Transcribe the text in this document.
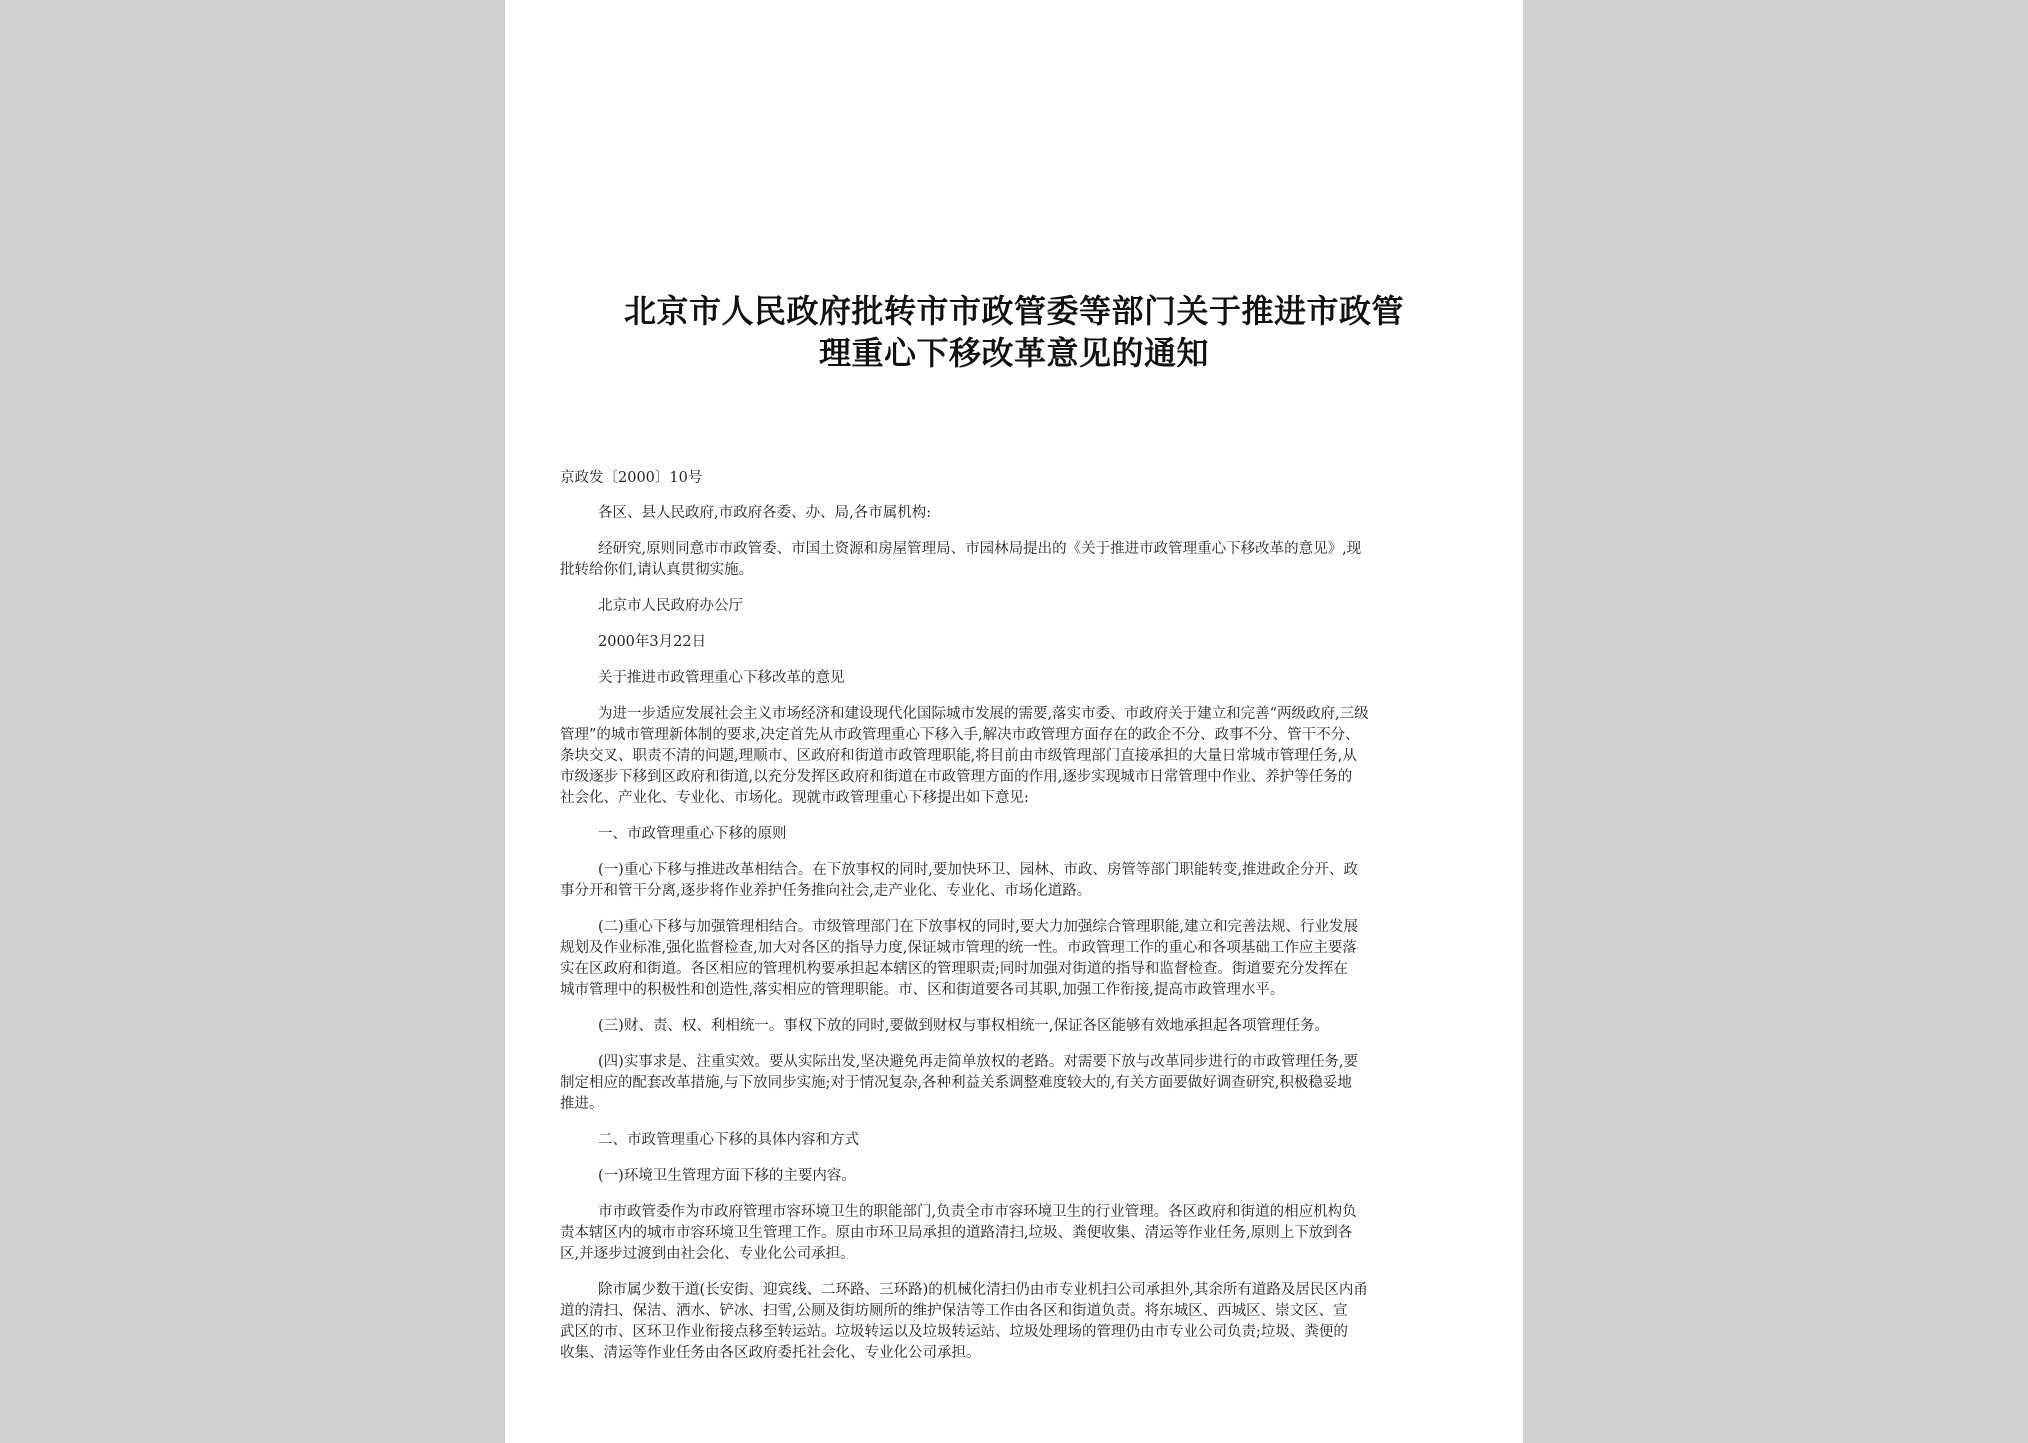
北京市人民政府批转市市政管委等部门关于推进市政管
理重心下移改革意见的通知
京政发〔2000〕10号
各区、县人民政府,市政府各委、办、局,各市属机构:
经研究,原则同意市市政管委、市国土资源和房屋管理局、市园林局提出的《关于推进市政管理重心下移改革的意见》,现
批转给你们,请认真贯彻实施。
北京市人民政府办公厅
2000年3月22日
关于推进市政管理重心下移改革的意见
为进一步适应发展社会主义市场经济和建设现代化国际城市发展的需要,落实市委、市政府关于建立和完善“两级政府,三级
管理”的城市管理新体制的要求,决定首先从市政管理重心下移入手,解决市政管理方面存在的政企不分、政事不分、管干不分、
条块交叉、职责不清的问题,理顺市、区政府和街道市政管理职能,将目前由市级管理部门直接承担的大量日常城市管理任务,从
市级逐步下移到区政府和街道,以充分发挥区政府和街道在市政管理方面的作用,逐步实现城市日常管理中作业、养护等任务的
社会化、产业化、专业化、市场化。现就市政管理重心下移提出如下意见:
一、市政管理重心下移的原则
(一)重心下移与推进改革相结合。在下放事权的同时,要加快环卫、园林、市政、房管等部门职能转变,推进政企分开、政
事分开和管干分离,逐步将作业养护任务推向社会,走产业化、专业化、市场化道路。
(二)重心下移与加强管理相结合。市级管理部门在下放事权的同时,要大力加强综合管理职能,建立和完善法规、行业发展
规划及作业标准,强化监督检查,加大对各区的指导力度,保证城市管理的统一性。市政管理工作的重心和各项基础工作应主要落
实在区政府和街道。各区相应的管理机构要承担起本辖区的管理职责;同时加强对街道的指导和监督检查。街道要充分发挥在
城市管理中的积极性和创造性,落实相应的管理职能。市、区和街道要各司其职,加强工作衔接,提高市政管理水平。
(三)财、责、权、利相统一。事权下放的同时,要做到财权与事权相统一,保证各区能够有效地承担起各项管理任务。
(四)实事求是、注重实效。要从实际出发,坚决避免再走简单放权的老路。对需要下放与改革同步进行的市政管理任务,要
制定相应的配套改革措施,与下放同步实施;对于情况复杂,各种利益关系调整难度较大的,有关方面要做好调查研究,积极稳妥地
推进。
二、市政管理重心下移的具体内容和方式
(一)环境卫生管理方面下移的主要内容。
市市政管委作为市政府管理市容环境卫生的职能部门,负责全市市容环境卫生的行业管理。各区政府和街道的相应机构负
责本辖区内的城市市容环境卫生管理工作。原由市环卫局承担的道路清扫,垃圾、粪便收集、清运等作业任务,原则上下放到各
区,并逐步过渡到由社会化、专业化公司承担。
除市属少数干道(长安街、迎宾线、二环路、三环路)的机械化清扫仍由市专业机扫公司承担外,其余所有道路及居民区内甬
道的清扫、保洁、洒水、铲冰、扫雪,公厕及街坊厕所的维护保洁等工作由各区和街道负责。将东城区、西城区、崇文区、宣
武区的市、区环卫作业衔接点移至转运站。垃圾转运以及垃圾转运站、垃圾处理场的管理仍由市专业公司负责;垃圾、粪便的
收集、清运等作业任务由各区政府委托社会化、专业化公司承担。
